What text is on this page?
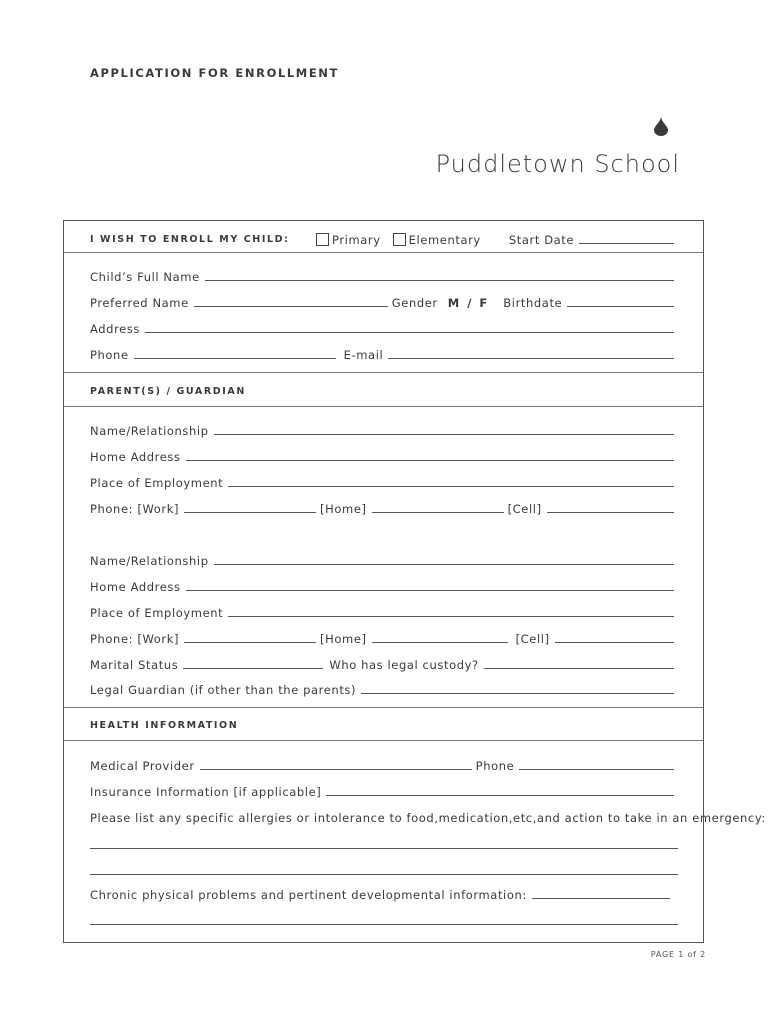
APPLICATION FOR ENROLLMENT
Puddletown School
I WISH TO ENROLL MY CHILD:	Primary	Elementary Start Date
Child’s Full Name
Preferred Name	Gender M / F Birthdate
Address
Phone	E-mail
PARENT(S) / GUARDIAN
Name/Relationship
Home Address
Place of Employment
Phone: [Work]	[Home]	[Cell]
Name/Relationship
Home Address
Place of Employment
Phone: [Work]	[Home]	[Cell]
Marital Status	Who has legal custody?
Legal Guardian (if other than the parents)
HEALTH INFORMATION
Medical Provider	Phone
Insurance Information [if applicable]
Please list any specific allergies or intolerance to food,medication,etc,and action to take in an emergency:
Chronic physical problems and pertinent developmental information:
PAGE 1 of 2
